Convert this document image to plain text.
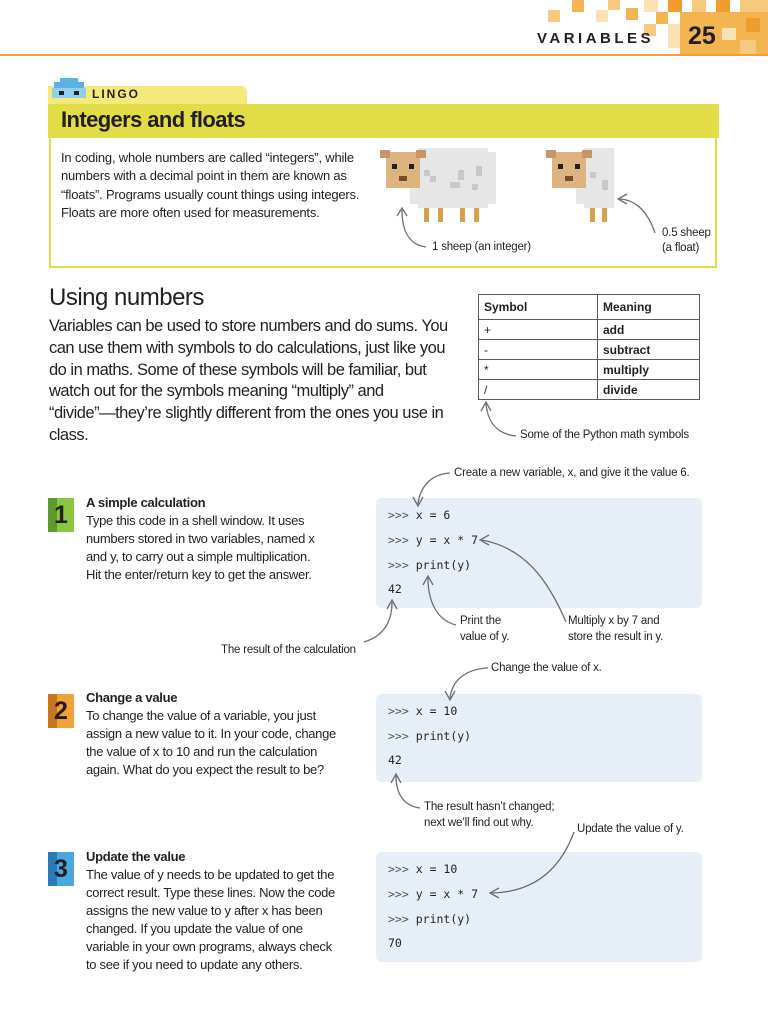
VARIABLES 25
LINGO
Integers and floats
In coding, whole numbers are called “integers”, while numbers with a decimal point in them are known as “floats”. Programs usually count things using integers. Floats are more often used for measurements.
1 sheep (an integer)
0.5 sheep
(a float)
Using numbers
Variables can be used to store numbers and do sums. You can use them with symbols to do calculations, just like you do in maths. Some of these symbols will be familiar, but watch out for the symbols meaning “multiply” and “divide”—they’re slightly different from the ones you use in class.
Symbol	Meaning
+	add
-	subtract
*	multiply
/	divide
Some of the Python math symbols
1	A simple calculation
Type this code in a shell window. It uses
numbers stored in two variables, named x
and y, to carry out a simple multiplication.
Hit the enter/return key to get the answer.
>>> x = 6
>>> y = x * 7
>>> print(y)
42
Create a new variable, x, and give it the value 6.
Print the
value of y.
Multiply x by 7 and
store the result in y.
The result of the calculation
2	Change a value
To change the value of a variable, you just
assign a new value to it. In your code, change
the value of x to 10 and run the calculation
again. What do you expect the result to be?
>>> x = 10
>>> print(y)
42
Change the value of x.
The result hasn’t changed;
next we’ll find out why.
3	Update the value
The value of y needs to be updated to get the
correct result. Type these lines. Now the code
assigns the new value to y after x has been
changed. If you update the value of one
variable in your own programs, always check
to see if you need to update any others.
>>> x = 10
>>> y = x * 7
>>> print(y)
70
Update the value of y.
